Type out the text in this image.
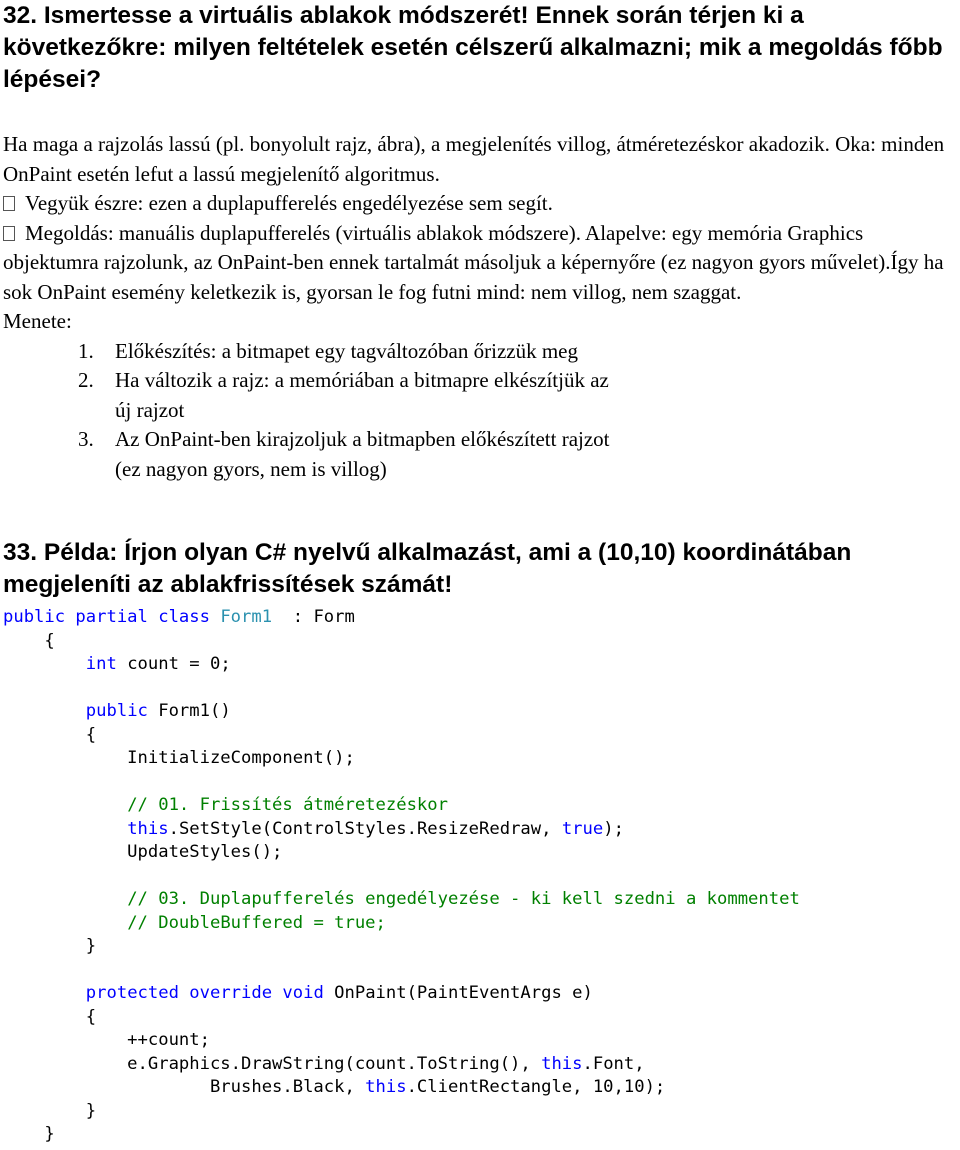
32. Ismertesse a virtuális ablakok módszerét! Ennek során térjen ki a következőkre: milyen feltételek esetén célszerű alkalmazni; mik a megoldás főbb lépései?

Ha maga a rajzolás lassú (pl. bonyolult rajz, ábra), a megjelenítés villog, átméretezéskor akadozik. Oka: minden OnPaint esetén lefut a lassú megjelenítő algoritmus.

Vegyük észre: ezen a duplapufferelés engedélyezése sem segít.

Megoldás: manuális duplapufferelés (virtuális ablakok módszere). Alapelve: egy memória Graphics objektumra rajzolunk, az OnPaint-ben ennek tartalmát másoljuk a képernyőre (ez nagyon gyors művelet).Így ha sok OnPaint esemény keletkezik is, gyorsan le fog futni mind: nem villog, nem szaggat.

Menete:

1. Előkészítés: a bitmapet egy tagváltozóban őrizzük meg
2. Ha változik a rajz: a memóriában a bitmapre elkészítjük az
új rajzot
3. Az OnPaint-ben kirajzoljuk a bitmapben előkészített rajzot
(ez nagyon gyors, nem is villog)
33. Példa: Írjon olyan C# nyelvű alkalmazást, ami a (10,10) koordinátában megjeleníti az ablakfrissítések számát!
public partial class Form1  : Form
{
int count = 0;

public Form1()
{
InitializeComponent();

// 01. Frissítés átméretezéskor
this.SetStyle(ControlStyles.ResizeRedraw, true);
UpdateStyles();

// 03. Duplapufferelés engedélyezése - ki kell szedni a kommentet
// DoubleBuffered = true;
}

protected override void OnPaint(PaintEventArgs e)
{
++count;
e.Graphics.DrawString(count.ToString(), this.Font,
Brushes.Black, this.ClientRectangle, 10,10);
}
}
